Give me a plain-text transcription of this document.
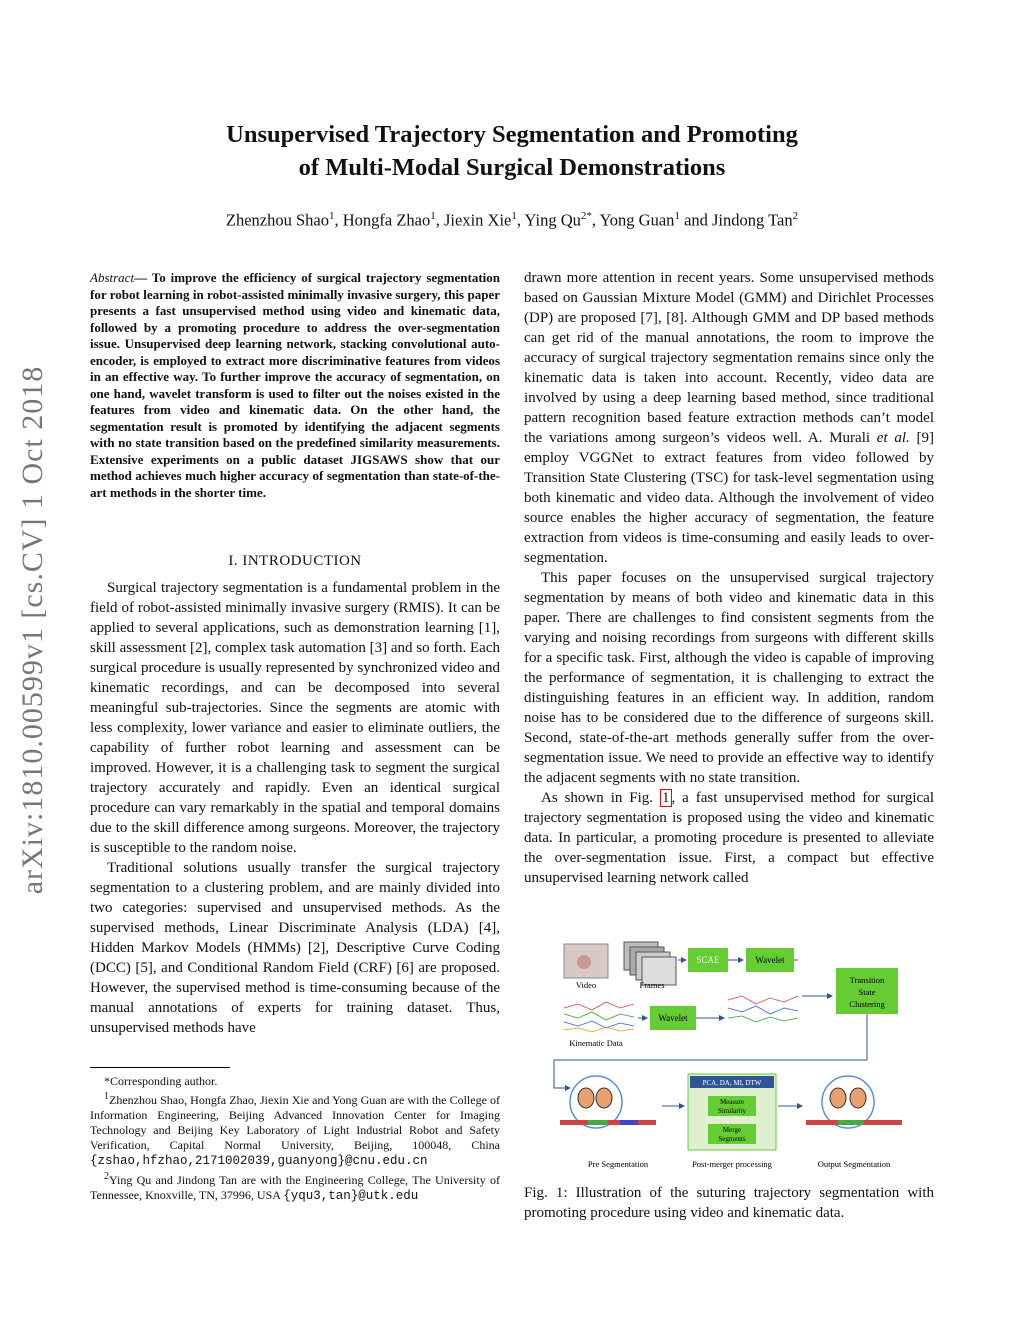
arXiv:1810.00599v1 [cs.CV] 1 Oct 2018
Unsupervised Trajectory Segmentation and Promoting
of Multi-Modal Surgical Demonstrations
Zhenzhou Shao$^1$, Hongfa Zhao$^1$, Jiexin Xie$^1$, Ying $Qu^{2*}$, Yong Guan$^1$ and Jindong Tan$^2$
Abstract— To improve the efficiency of surgical trajectory segmentation for robot learning in robot-assisted minimally invasive surgery, this paper presents a fast unsupervised method using video and kinematic data, followed by a promoting procedure to address the over-segmentation issue. Unsupervised deep learning network, stacking convolutional auto-encoder, is employed to extract more discriminative features from videos in an effective way. To further improve the accuracy of segmentation, on one hand, wavelet transform is used to filter out the noises existed in the features from video and kinematic data. On the other hand, the segmentation result is promoted by identifying the adjacent segments with no state transition based on the predefined similarity measurements. Extensive experiments on a public dataset JIGSAWS show that our method achieves much higher accuracy of segmentation than state-of-the-art methods in the shorter time.
I. INTRODUCTION

Surgical trajectory segmentation is a fundamental problem in the field of robot-assisted minimally invasive surgery (RMIS). It can be applied to several applications, such as demonstration learning [1], skill assessment [2], complex task automation [3] and so forth. Each surgical procedure is usually represented by synchronized video and kinematic recordings, and can be decomposed into several meaningful sub-trajectories. Since the segments are atomic with less complexity, lower variance and easier to eliminate outliers, the capability of further robot learning and assessment can be improved. However, it is a challenging task to segment the surgical trajectory accurately and rapidly. Even an identical surgical procedure can vary remarkably in the spatial and temporal domains due to the skill difference among surgeons. Moreover, the trajectory is susceptible to the random noise.

Traditional solutions usually transfer the surgical trajectory segmentation to a clustering problem, and are mainly divided into two categories: supervised and unsupervised methods. As the supervised methods, Linear Discriminate Analysis (LDA) [4], Hidden Markov Models (HMMs) [2], Descriptive Curve Coding (DCC) [5], and Conditional Random Field (CRF) [6] are proposed. However, the supervised method is time-consuming because of the manual annotations of experts for training dataset. Thus, unsupervised methods have

*Corresponding author.

$^1$Zhenzhou Shao, Hongfa Zhao, Jiexin Xie and Yong Guan are with the College of Information Engineering, Beijing Advanced Innovation Center for Imaging Technology and Beijing Key Laboratory of Light Industrial Robot and Safety Verification, Capital Normal University, Beijing, 100048, China {zshao,hfzhao,2171002039,guanyong}@cnu.edu.cn

$^2$Ying Qu and Jindong Tan are with the Engineering College, The University of Tennessee, Knoxville, TN, 37996, USA {yqu3,tan}@utk.edu

drawn more attention in recent years. Some unsupervised methods based on Gaussian Mixture Model (GMM) and Dirichlet Processes (DP) are proposed [7], [8]. Although GMM and DP based methods can get rid of the manual annotations, the room to improve the accuracy of surgical trajectory segmentation remains since only the kinematic data is taken into account. Recently, video data are involved by using a deep learning based method, since traditional pattern recognition based feature extraction methods can’t model the variations among surgeon’s videos well. A. Murali et al. [9] employ VGGNet to extract features from video followed by Transition State Clustering (TSC) for task-level segmentation using both kinematic and video data. Although the involvement of video source enables the higher accuracy of segmentation, the feature extraction from videos is time-consuming and easily leads to over-segmentation.

This paper focuses on the unsupervised surgical trajectory segmentation by means of both video and kinematic data in this paper. There are challenges to find consistent segments from the varying and noising recordings from surgeons with different skills for a specific task. First, although the video is capable of improving the performance of segmentation, it is challenging to extract the distinguishing features in an efficient way. In addition, random noise has to be considered due to the difference of surgeons skill. Second, state-of-the-art methods generally suffer from the over-segmentation issue. We need to provide an effective way to identify the adjacent segments with no state transition.

As shown in Fig. 1 , a fast unsupervised method for surgical trajectory segmentation is proposed using the video and kinematic data. In particular, a promoting procedure is presented to alleviate the over-segmentation issue. First, a compact but effective unsupervised learning network called

Video	Frames
SCAE	Wavelet
Kinematic Data
Wavelet
Transition
State
Clustering
Pre Segmentation
PCA, DA, MI, DTW
Measure
Similarity
Merge
Segments
Post-merger processing	Output Segmentation
Fig. 1: Illustration of the suturing trajectory segmentation with promoting procedure using video and kinematic data.
